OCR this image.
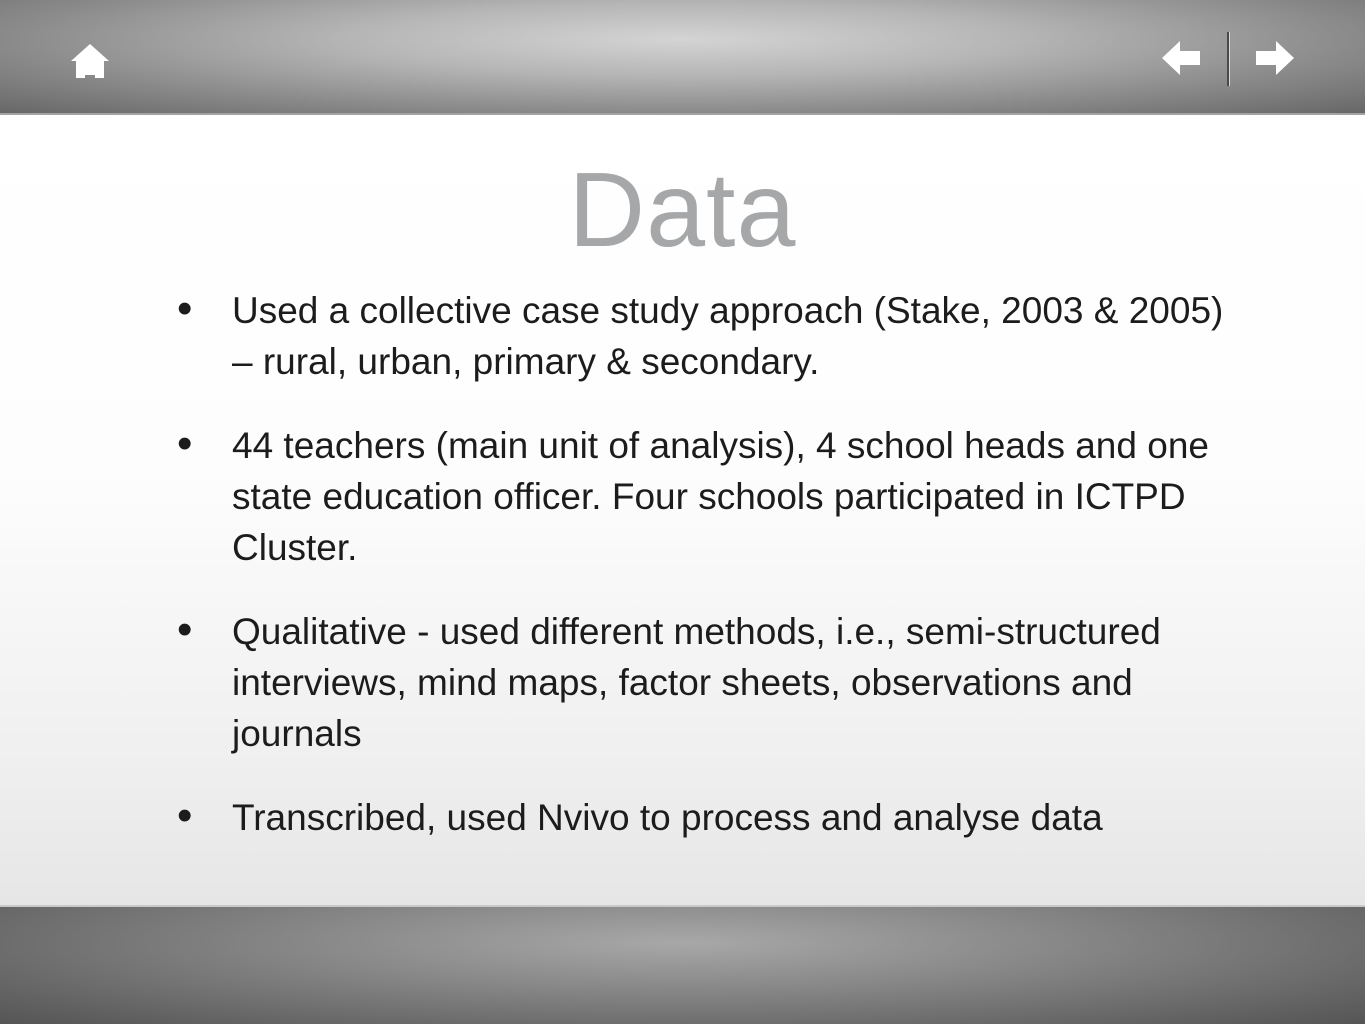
Data
• Used a collective case study approach (Stake, 2003 & 2005) – rural, urban, primary & secondary.
• 44 teachers (main unit of analysis), 4 school heads and one state education officer. Four schools participated in ICTPD Cluster.
• Qualitative - used different methods, i.e., semi-structured interviews, mind maps, factor sheets, observations and journals
• Transcribed, used Nvivo to process and analyse data
